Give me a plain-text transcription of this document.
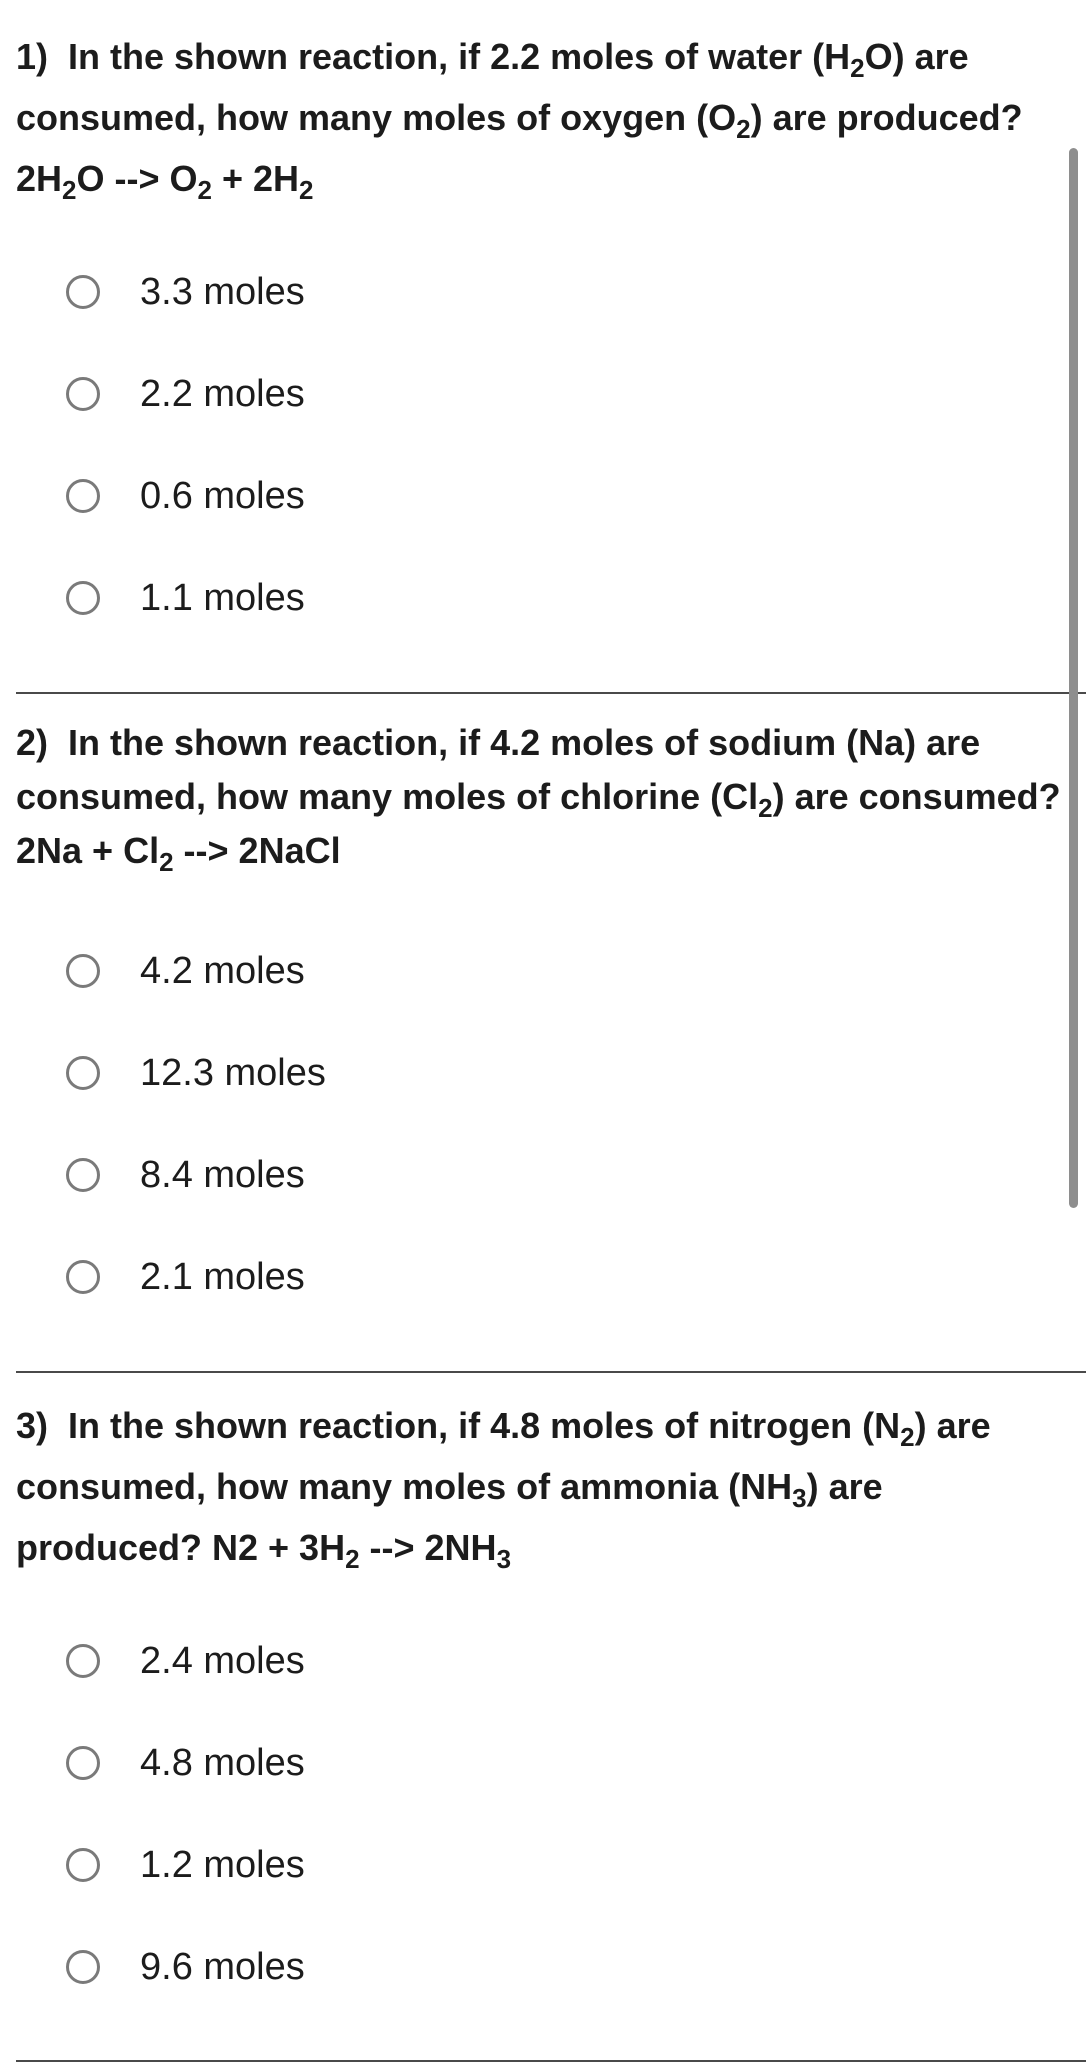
1) In the shown reaction, if 2.2 moles of water $(H_2O)$ are consumed, how many moles of oxygen $(O_2)$ are produced? $2H_2O$ --> $O_2 + 2H_2$
3.3 moles
2.2 moles
0.6 moles
1.1 moles
2) In the shown reaction, if 4.2 moles of sodium (Na) are consumed, how many moles of chlorine $(Cl_2)$ are consumed? $2Na + Cl_2$ --> 2NaCl
4.2 moles
12.3 moles
8.4 moles
2.1 moles
3) In the shown reaction, if 4.8 moles of nitrogen $(N_2)$ are consumed, how many moles of ammonia $(NH_3)$ are produced? $N2 + 3H_2$ --> $2NH_3$
2.4 moles
4.8 moles
1.2 moles
9.6 moles
